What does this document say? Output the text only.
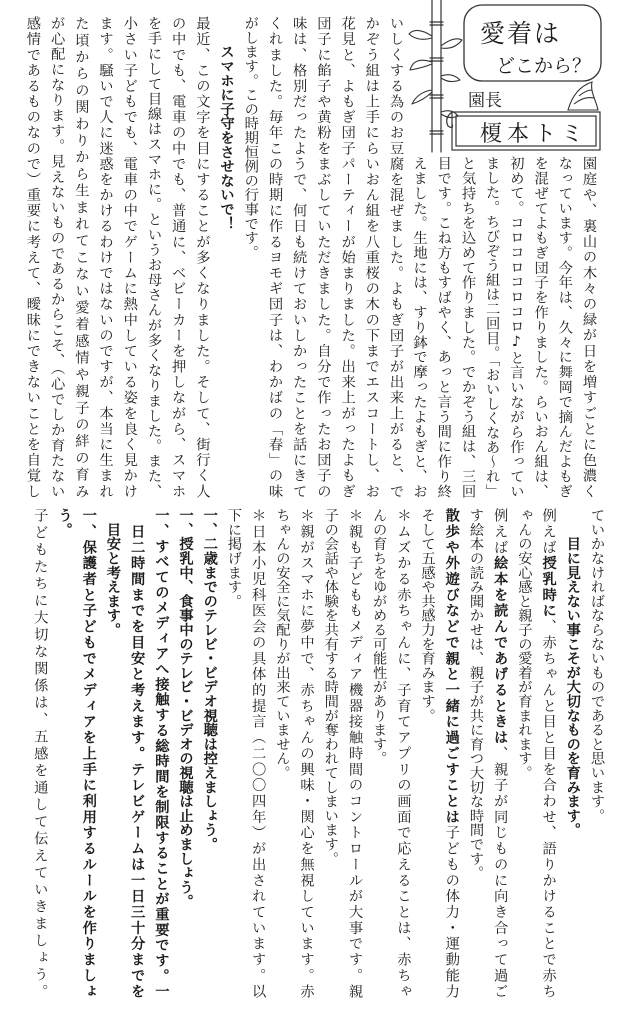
愛着は
どこから？
園長
榎本トミ
園庭や、裏山の木々の緑が日を増すごとに色濃く
なっています。今年は、久々に舞岡で摘んだよもぎ
を混ぜてよもぎ団子を作りました。らいおん組は、
初めて。コロコロコロコロ♪と言いながら作ってい
ました。ちびぞう組は二回目。「おいしくなあ〜れ」
と気持ちを込めて作りました。でかぞう組は、三回
目です。こね方もすばやく、あっと言う間に作り終
えました。生地には、すり鉢で摩ったよもぎと、お
いしくする為のお豆腐を混ぜました。よもぎ団子が出来上がると、で
かぞう組は上手にらいおん組を八重桜の木の下までエスコートし、お
花見と、よもぎ団子パーティーが始まりました。出来上がったよもぎ
団子に餡子や黄粉をまぶしていただきました。自分で作ったお団子の
味は、格別だったようで、何日も続けておいしかったことを話にきて
くれました。毎年この時期に作るヨモギ団子は、わかばの「春」の味
がします。この時期恒例の行事です。
　　スマホに子守をさせないで！
最近、この文字を目にすることが多くなりました。そして、街行く人
の中でも、電車の中でも、普通に、ベビーカーを押しながら、スマホ
を手にして目線はスマホに。というお母さんが多くなりました。また、
小さい子どもでも、電車の中でゲームに熱中している姿を良く見かけ
ます。騒いで人に迷惑をかけるわけではないのですが、本当に生まれ
た頃からの関わりから生まれてこない愛着感情や親子の絆の育み
が心配になります。見えないものであるからこそ、（心でしか育たない
感情であるものなので）重要に考えて、曖昧にできないことを自覚し
ていかなければならないものであると思います。
　　目に見えない事こそが大切なものを育みます。
例えば授乳時に、赤ちゃんと目と目を合わせ、語りかけることで赤ち
ゃんの安心感と親子の愛着が育まれます。
例えば絵本を読んであげるときは、親子が同じものに向き合って過ご
す絵本の読み聞かせは、親子が共に育つ大切な時間です。
散歩や外遊びなどで親と一緒に過ごすことは子どもの体力・運動能力
そして五感や共感力を育みます。
＊ムズかる赤ちゃんに、子育てアプリの画面で応えることは、赤ちゃ
んの育ちをゆがめる可能性があります。
＊親も子どももメディア機器接触時間のコントロールが大事です。親
子の会話や体験を共有する時間が奪われてしまいます。
＊親がスマホに夢中で、赤ちゃんの興味・関心を無視しています。赤
ちゃんの安全に気配りが出来ていません。
＊日本小児科医会の具体的提言（二〇〇四年）が出されています。以
下に掲げます。
一、二歳までのテレビ・ビデオ視聴は控えましょう。
一、授乳中、食事中のテレビ・ビデオの視聴は止めましょう。
一、すべてのメディアへ接触する総時間を制限することが重要です。一
　日二時間までを目安と考えます。テレビゲームは一日三十分までを
　目安と考えます。
一、保護者と子どもでメディアを上手に利用するルールを作りましょ
う。
子どもたちに大切な関係は、五感を通して伝えていきましょう。
